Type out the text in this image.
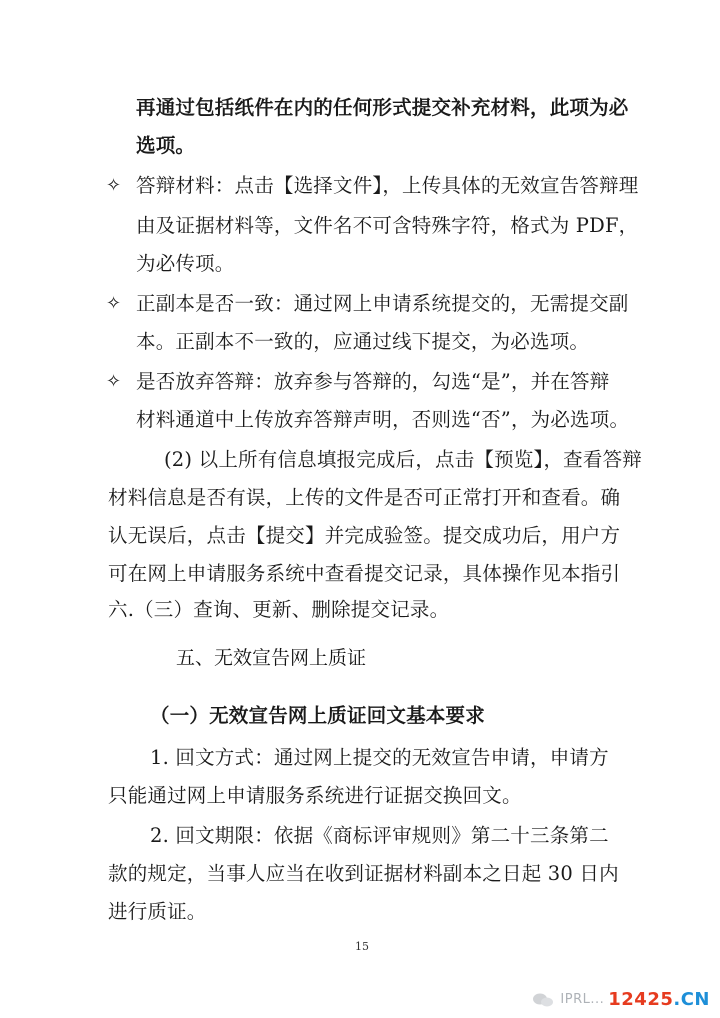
再通过包括纸件在内的任何形式提交补充材料，此项为必
选项。
✧ 答辩材料：点击【选择文件】，上传具体的无效宣告答辩理
由及证据材料等，文件名不可含特殊字符，格式为 PDF，
为必传项。
✧ 正副本是否一致：通过网上申请系统提交的，无需提交副
本。正副本不一致的，应通过线下提交，为必选项。
✧ 是否放弃答辩：放弃参与答辩的，勾选“是”，并在答辩
材料通道中上传放弃答辩声明，否则选“否”，为必选项。
(2) 以上所有信息填报完成后，点击【预览】，查看答辩
材料信息是否有误，上传的文件是否可正常打开和查看。确
认无误后，点击【提交】并完成验签。提交成功后，用户方
可在网上申请服务系统中查看提交记录，具体操作见本指引
六.（三）查询、更新、删除提交记录。
五、无效宣告网上质证
（一）无效宣告网上质证回文基本要求
1. 回文方式：通过网上提交的无效宣告申请，申请方
只能通过网上申请服务系统进行证据交换回文。
2. 回文期限：依据《商标评审规则》第二十三条第二
款的规定，当事人应当在收到证据材料副本之日起 30 日内
进行质证。
15
IPRL... 12425 .CN
